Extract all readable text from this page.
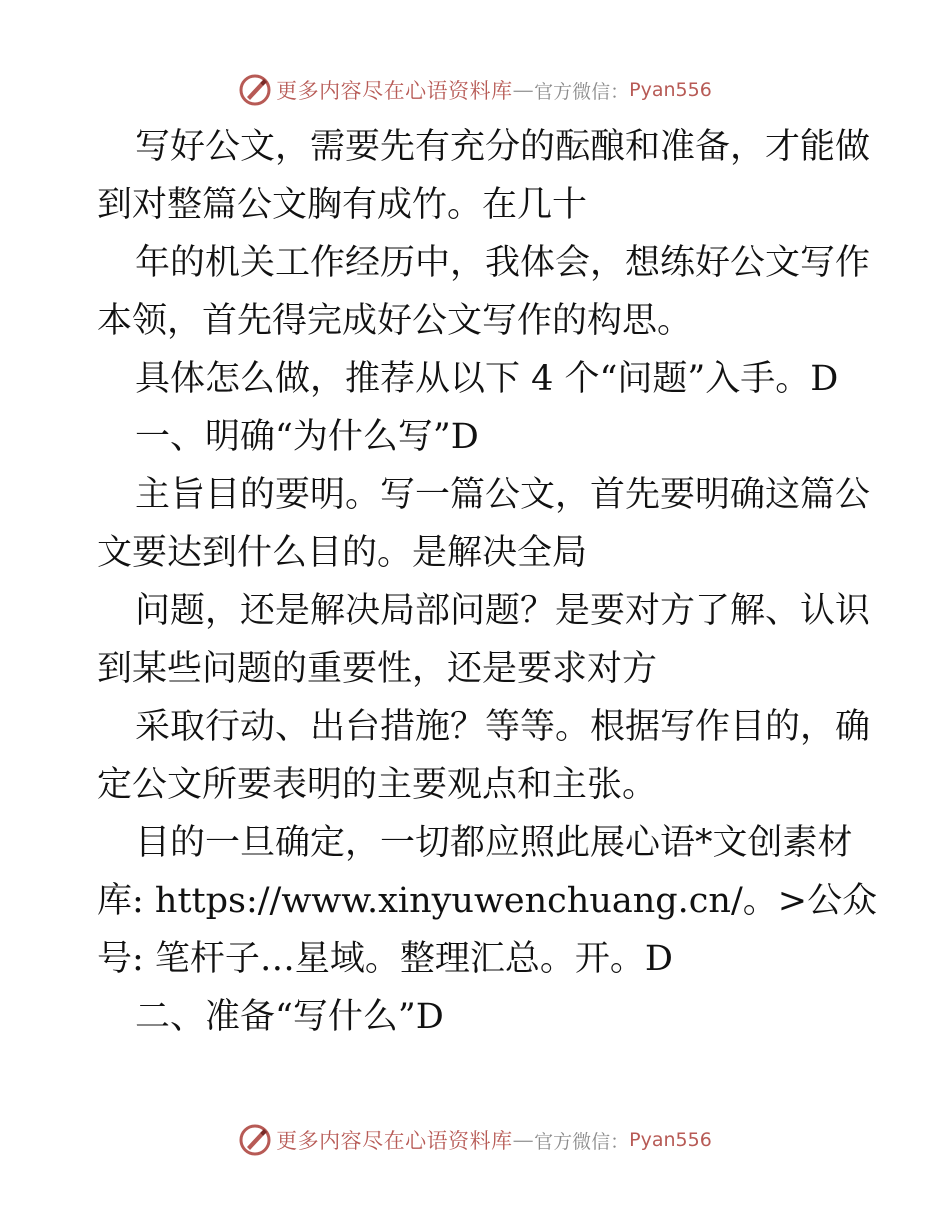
更多内容尽在心语资料库 — 官方微信： Pyan556

写好公文，需要先有充分的酝酿和准备，才能做

到对整篇公文胸有成竹。在几十

年的机关工作经历中，我体会，想练好公文写作

本领，首先得完成好公文写作的构思。

具体怎么做，推荐从以下 4 个“问题”入手。D

一、明确“为什么写”D

主旨目的要明。写一篇公文，首先要明确这篇公

文要达到什么目的。是解决全局

问题，还是解决局部问题？是要对方了解、认识

到某些问题的重要性，还是要求对方

采取行动、出台措施？等等。根据写作目的，确

定公文所要表明的主要观点和主张。

目的一旦确定，一切都应照此展心语*文创素材

库: https://www.xinyuwenchuang.cn/。>公众

号: 笔杆子…星域。整理汇总。开。D

二、准备“写什么”D

更多内容尽在心语资料库 — 官方微信： Pyan556
